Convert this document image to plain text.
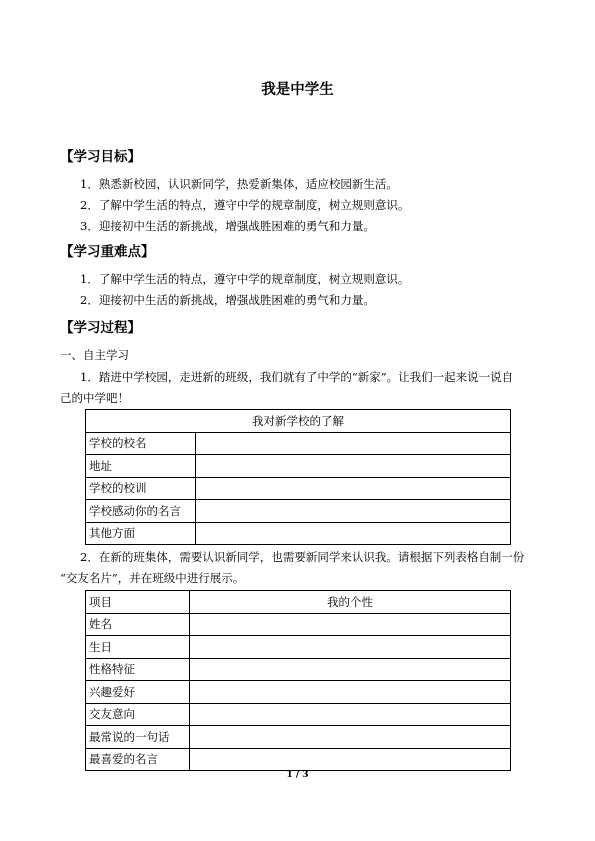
我是中学生
【学习目标】
1．熟悉新校园，认识新同学，热爱新集体，适应校园新生活。
2．了解中学生活的特点，遵守中学的规章制度，树立规则意识。
3．迎接初中生活的新挑战，增强战胜困难的勇气和力量。
【学习重难点】
1．了解中学生活的特点，遵守中学的规章制度，树立规则意识。
2．迎接初中生活的新挑战，增强战胜困难的勇气和力量。
【学习过程】
一、自主学习
1．踏进中学校园，走进新的班级，我们就有了中学的“新家”。让我们一起来说一说自
己的中学吧！
我对新学校的了解	
学校的校名	
地址	
学校的校训	
学校感动你的名言	
其他方面	
2．在新的班集体，需要认识新同学，也需要新同学来认识我。请根据下列表格自制一份
“交友名片”，并在班级中进行展示。
项目	我的个性
姓名	
生日	
性格特征	
兴趣爱好	
交友意向	
最常说的一句话	
最喜爱的名言	
1 / 3
